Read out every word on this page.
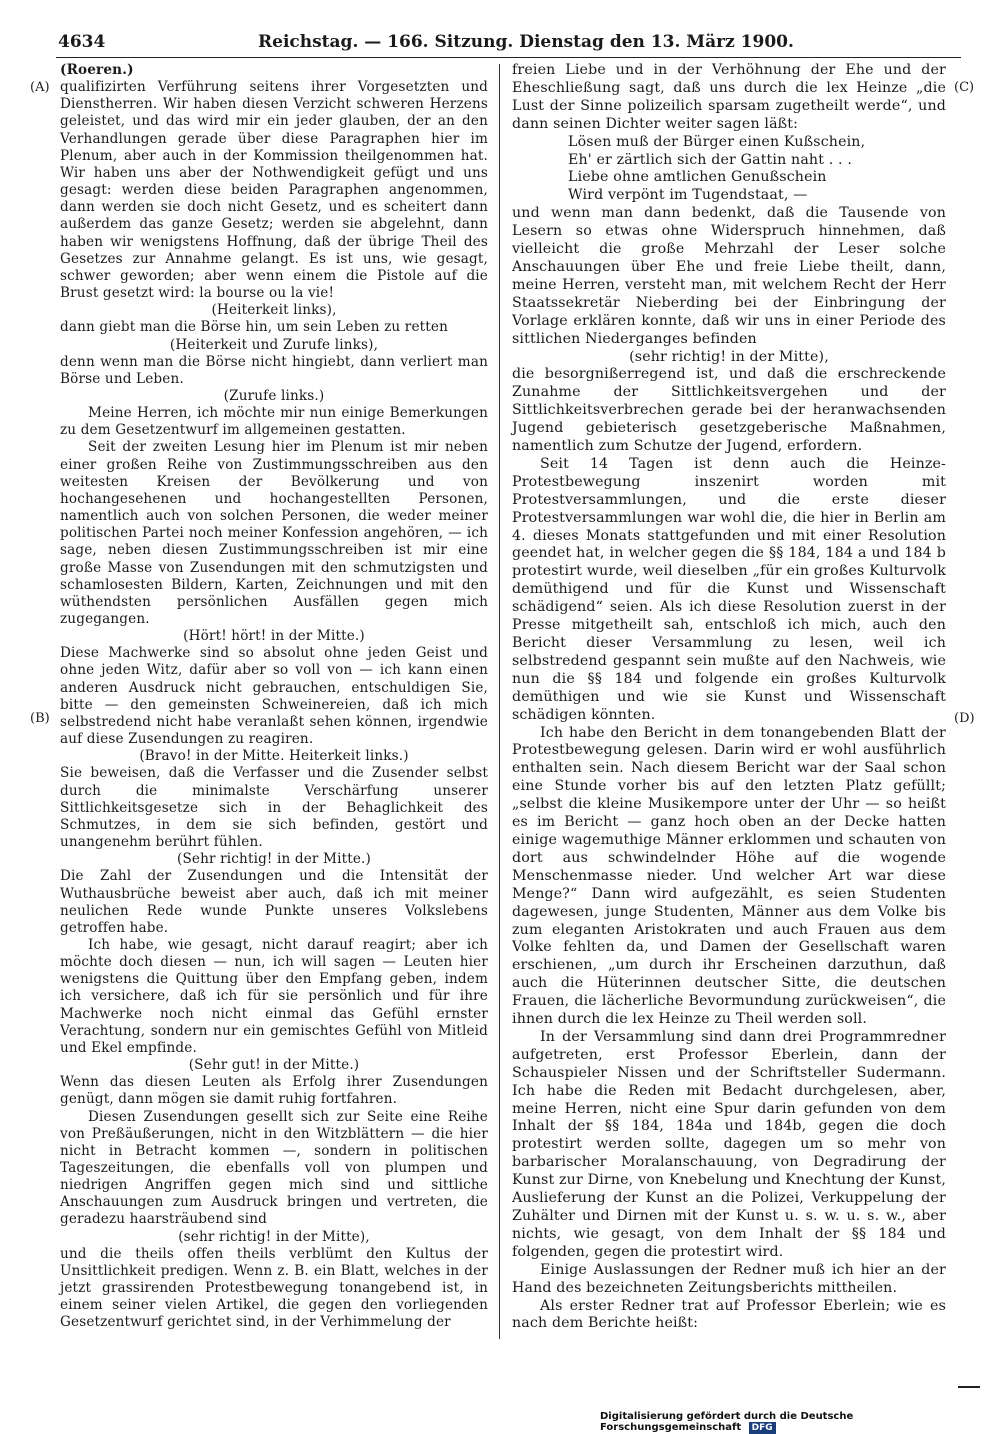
4634	Reichstag. — 166. Sitzung. Dienstag den 13. März 1900.
(A)
(B)
(C)
(D)

(Roeren.)

qualifizirten Verführung seitens ihrer Vorgesetzten und Dienstherren. Wir haben diesen Verzicht schweren Herzens geleistet, und das wird mir ein jeder glauben, der an den Verhandlungen gerade über diese Paragraphen hier im Plenum, aber auch in der Kommission theilgenommen hat. Wir haben uns aber der Nothwendigkeit gefügt und uns gesagt: werden diese beiden Paragraphen angenommen, dann werden sie doch nicht Gesetz, und es scheitert dann außerdem das ganze Gesetz; werden sie abgelehnt, dann haben wir wenigstens Hoffnung, daß der übrige Theil des Gesetzes zur Annahme gelangt. Es ist uns, wie gesagt, schwer geworden; aber wenn einem die Pistole auf die Brust gesetzt wird: la bourse ou la vie!

(Heiterkeit links),

dann giebt man die Börse hin, um sein Leben zu retten

(Heiterkeit und Zurufe links),

denn wenn man die Börse nicht hingiebt, dann verliert man Börse und Leben.

(Zurufe links.)

Meine Herren, ich möchte mir nun einige Bemerkungen zu dem Gesetzentwurf im allgemeinen gestatten.

Seit der zweiten Lesung hier im Plenum ist mir neben einer großen Reihe von Zustimmungsschreiben aus den weitesten Kreisen der Bevölkerung und von hochangesehenen und hochangestellten Personen, namentlich auch von solchen Personen, die weder meiner politischen Partei noch meiner Konfession angehören, — ich sage, neben diesen Zustimmungsschreiben ist mir eine große Masse von Zusendungen mit den schmutzigsten und schamlosesten Bildern, Karten, Zeichnungen und mit den wüthendsten persönlichen Ausfällen gegen mich zugegangen.

(Hört! hört! in der Mitte.)

Diese Machwerke sind so absolut ohne jeden Geist und ohne jeden Witz, dafür aber so voll von — ich kann einen anderen Ausdruck nicht gebrauchen, entschuldigen Sie, bitte — den gemeinsten Schweinereien, daß ich mich selbstredend nicht habe veranlaßt sehen können, irgendwie auf diese Zusendungen zu reagiren.

(Bravo! in der Mitte. Heiterkeit links.)

Sie beweisen, daß die Verfasser und die Zusender selbst durch die minimalste Verschärfung unserer Sittlichkeitsgesetze sich in der Behaglichkeit des Schmutzes, in dem sie sich befinden, gestört und unangenehm berührt fühlen.

(Sehr richtig! in der Mitte.)

Die Zahl der Zusendungen und die Intensität der Wuthausbrüche beweist aber auch, daß ich mit meiner neulichen Rede wunde Punkte unseres Volkslebens getroffen habe.

Ich habe, wie gesagt, nicht darauf reagirt; aber ich möchte doch diesen — nun, ich will sagen — Leuten hier wenigstens die Quittung über den Empfang geben, indem ich versichere, daß ich für sie persönlich und für ihre Machwerke noch nicht einmal das Gefühl ernster Verachtung, sondern nur ein gemischtes Gefühl von Mitleid und Ekel empfinde.

(Sehr gut! in der Mitte.)

Wenn das diesen Leuten als Erfolg ihrer Zusendungen genügt, dann mögen sie damit ruhig fortfahren.

Diesen Zusendungen gesellt sich zur Seite eine Reihe von Preßäußerungen, nicht in den Witzblättern — die hier nicht in Betracht kommen —, sondern in politischen Tageszeitungen, die ebenfalls voll von plumpen und niedrigen Angriffen gegen mich sind und sittliche Anschauungen zum Ausdruck bringen und vertreten, die geradezu haarsträubend sind

(sehr richtig! in der Mitte),

und die theils offen theils verblümt den Kultus der Unsittlichkeit predigen. Wenn z. B. ein Blatt, welches in der jetzt grassirenden Protestbewegung tonangebend ist, in einem seiner vielen Artikel, die gegen den vorliegenden Gesetzentwurf gerichtet sind, in der Verhimmelung der

freien Liebe und in der Verhöhnung der Ehe und der Eheschließung sagt, daß uns durch die lex Heinze „die Lust der Sinne polizeilich sparsam zugetheilt werde“, und dann seinen Dichter weiter sagen läßt:

Lösen muß der Bürger einen Kußschein,

Eh' er zärtlich sich der Gattin naht . . .

Liebe ohne amtlichen Genußschein

Wird verpönt im Tugendstaat, —

und wenn man dann bedenkt, daß die Tausende von Lesern so etwas ohne Widerspruch hinnehmen, daß vielleicht die große Mehrzahl der Leser solche Anschauungen über Ehe und freie Liebe theilt, dann, meine Herren, versteht man, mit welchem Recht der Herr Staatssekretär Nieberding bei der Einbringung der Vorlage erklären konnte, daß wir uns in einer Periode des sittlichen Niederganges befinden

(sehr richtig! in der Mitte),

die besorgnißerregend ist, und daß die erschreckende Zunahme der Sittlichkeitsvergehen und der Sittlichkeitsverbrechen gerade bei der heranwachsenden Jugend gebieterisch gesetzgeberische Maßnahmen, namentlich zum Schutze der Jugend, erfordern.

Seit 14 Tagen ist denn auch die Heinze-Protestbewegung inszenirt worden mit Protestversammlungen, und die erste dieser Protestversammlungen war wohl die, die hier in Berlin am 4. dieses Monats stattgefunden und mit einer Resolution geendet hat, in welcher gegen die §§ 184, 184 a und 184 b protestirt wurde, weil dieselben „für ein großes Kulturvolk demüthigend und für die Kunst und Wissenschaft schädigend“ seien. Als ich diese Resolution zuerst in der Presse mitgetheilt sah, entschloß ich mich, auch den Bericht dieser Versammlung zu lesen, weil ich selbstredend gespannt sein mußte auf den Nachweis, wie nun die §§ 184 und folgende ein großes Kulturvolk demüthigen und wie sie Kunst und Wissenschaft schädigen könnten.

Ich habe den Bericht in dem tonangebenden Blatt der Protestbewegung gelesen. Darin wird er wohl ausführlich enthalten sein. Nach diesem Bericht war der Saal schon eine Stunde vorher bis auf den letzten Platz gefüllt; „selbst die kleine Musikempore unter der Uhr — so heißt es im Bericht — ganz hoch oben an der Decke hatten einige wagemuthige Männer erklommen und schauten von dort aus schwindelnder Höhe auf die wogende Menschenmasse nieder. Und welcher Art war diese Menge?“ Dann wird aufgezählt, es seien Studenten dagewesen, junge Studenten, Männer aus dem Volke bis zum eleganten Aristokraten und auch Frauen aus dem Volke fehlten da, und Damen der Gesellschaft waren erschienen, „um durch ihr Erscheinen darzuthun, daß auch die Hüterinnen deutscher Sitte, die deutschen Frauen, die lächerliche Bevormundung zurückweisen“, die ihnen durch die lex Heinze zu Theil werden soll.

In der Versammlung sind dann drei Programmredner aufgetreten, erst Professor Eberlein, dann der Schauspieler Nissen und der Schriftsteller Sudermann. Ich habe die Reden mit Bedacht durchgelesen, aber, meine Herren, nicht eine Spur darin gefunden von dem Inhalt der §§ 184, 184a und 184b, gegen die doch protestirt werden sollte, dagegen um so mehr von barbarischer Moralanschauung, von Degradirung der Kunst zur Dirne, von Knebelung und Knechtung der Kunst, Auslieferung der Kunst an die Polizei, Verkuppelung der Zuhälter und Dirnen mit der Kunst u. s. w. u. s. w., aber nichts, wie gesagt, von dem Inhalt der §§ 184 und folgenden, gegen die protestirt wird.

Einige Auslassungen der Redner muß ich hier an der Hand des bezeichneten Zeitungsberichts mittheilen.

Als erster Redner trat auf Professor Eberlein; wie es nach dem Berichte heißt:

Digitalisierung gefördert durch die Deutsche Forschungsgemeinschaft DFG
